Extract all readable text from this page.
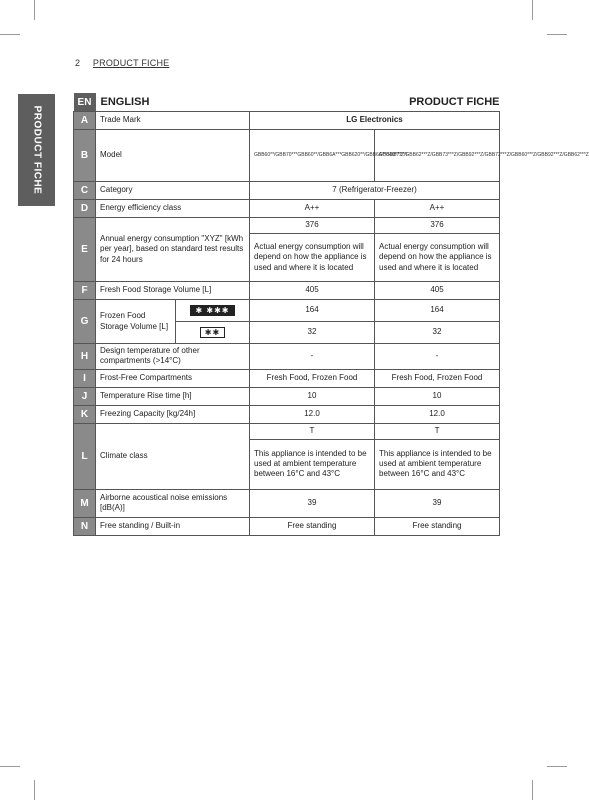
2 PRODUCT FICHE
PRODUCT FICHE
EN	ENGLISH		PRODUCT FICHE	
A	Trade Mark		LG Electronics	
B	Model		GBB60**/GBB70***GBB60**/GBB6A***GBB620**/GBB6A**GBB72**/	GBB60***Z/GBB62***Z/GBB73***Z/GBB92***Z/GBB72***Z/GBB60***Z/GBB92***Z/GBB62***Z
C	Category		7 (Refrigerator-Freezer)	
D	Energy efficiency class		A++	A++
E	Annual energy consumption "XYZ" [kWh per year], based on standard test results for 24 hours		376	376
			Actual energy consumption will depend on how the appliance is used and where it is located	Actual energy consumption will depend on how the appliance is used and where it is located
F	Fresh Food Storage Volume [L]		405	405
G	Frozen Food Storage Volume [L]	✱ ✱✱✱	164	164
		✱✱	32	32
H	Design temperature of other compartments (>14°C)		-	-
I	Frost-Free Compartments		Fresh Food, Frozen Food	Fresh Food, Frozen Food
J	Temperature Rise time [h]		10	10
K	Freezing Capacity [kg/24h]		12.0	12.0
L	Climate class		T	T
			This appliance is intended to be used at ambient temperature between 16°C and 43°C	This appliance is intended to be used at ambient temperature between 16°C and 43°C
M	Airborne acoustical noise emissions [dB(A)]		39	39
N	Free standing / Built-in		Free standing	Free standing
